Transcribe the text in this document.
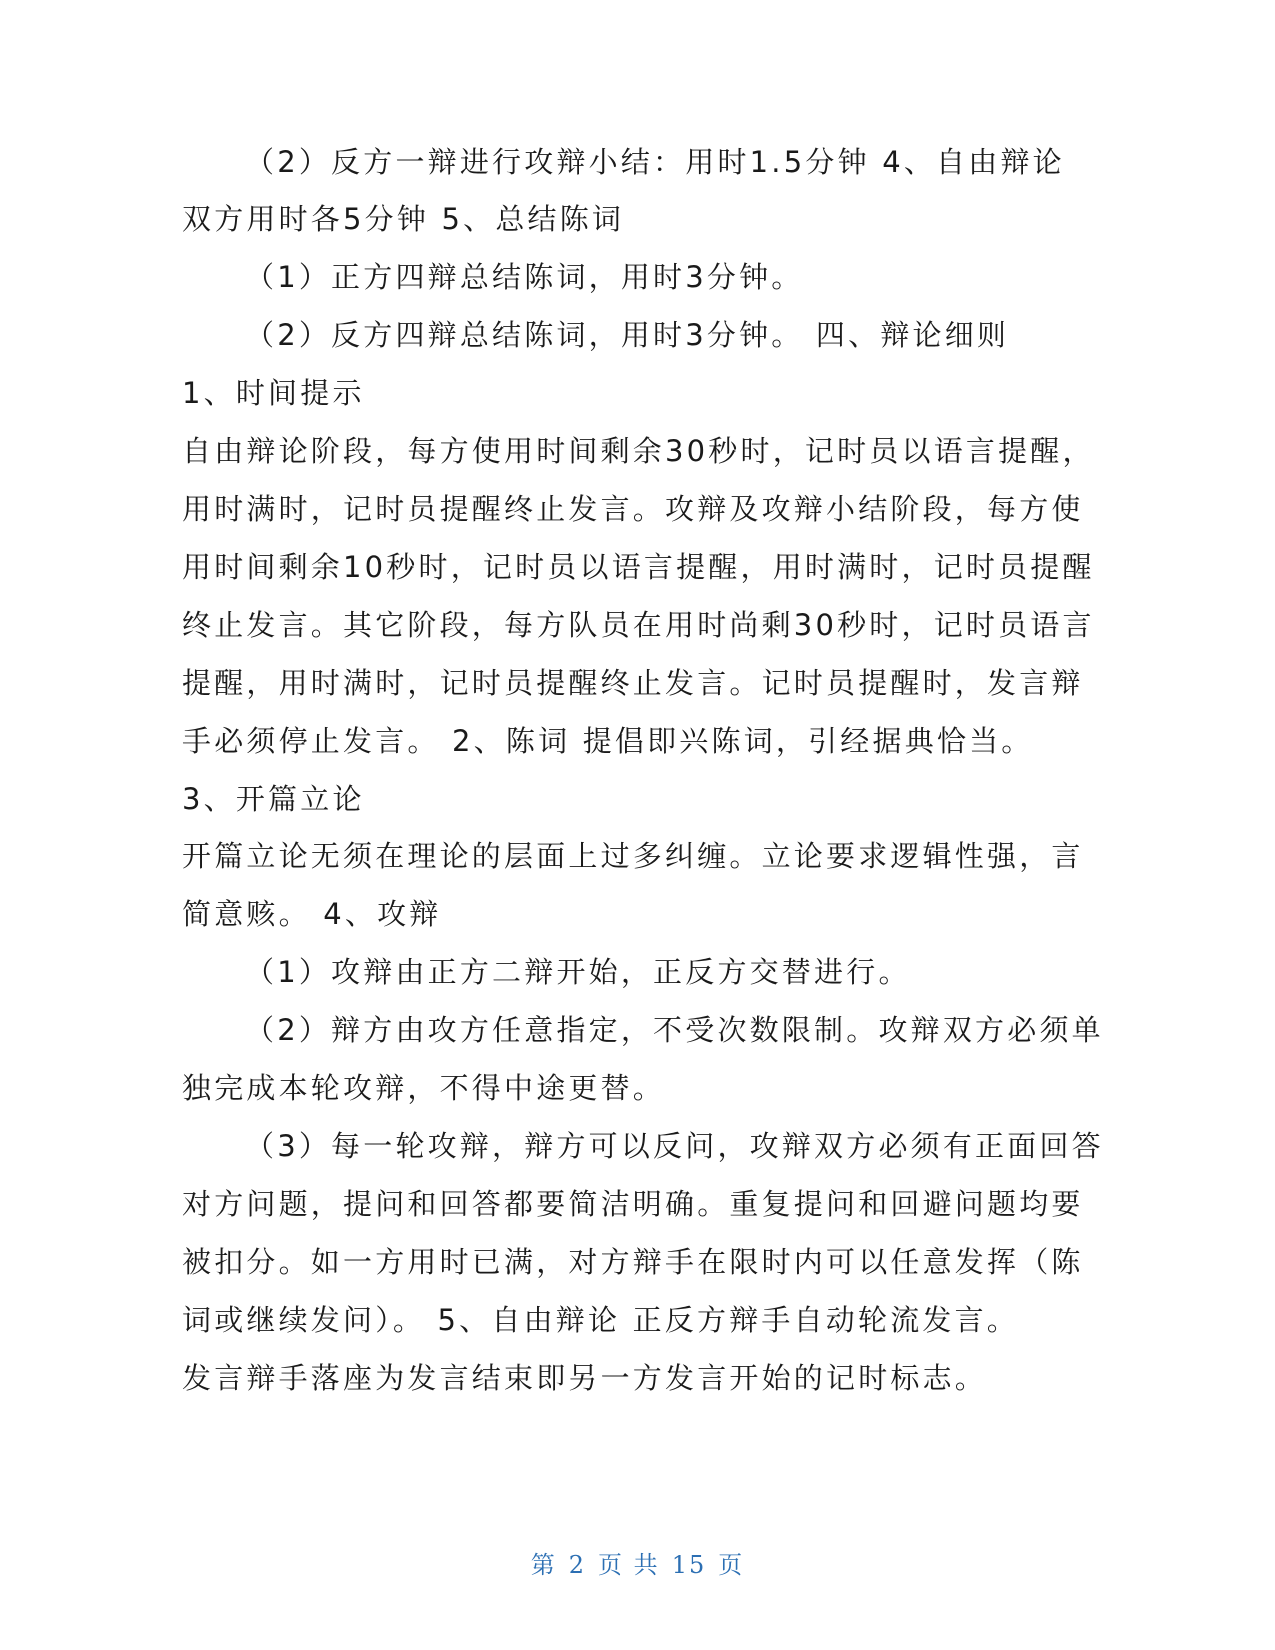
（2）反方一辩进行攻辩小结：用时1.5分钟 4、自由辩论
双方用时各5分钟 5、总结陈词
（1）正方四辩总结陈词，用时3分钟。
（2）反方四辩总结陈词，用时3分钟。 四、辩论细则
1、时间提示
自由辩论阶段，每方使用时间剩余30秒时，记时员以语言提醒，
用时满时，记时员提醒终止发言。攻辩及攻辩小结阶段，每方使
用时间剩余10秒时，记时员以语言提醒，用时满时，记时员提醒
终止发言。其它阶段，每方队员在用时尚剩30秒时，记时员语言
提醒，用时满时，记时员提醒终止发言。记时员提醒时，发言辩
手必须停止发言。 2、陈词 提倡即兴陈词，引经据典恰当。
3、开篇立论
开篇立论无须在理论的层面上过多纠缠。立论要求逻辑性强，言
简意赅。 4、攻辩
（1）攻辩由正方二辩开始，正反方交替进行。
（2）辩方由攻方任意指定，不受次数限制。攻辩双方必须单
独完成本轮攻辩，不得中途更替。
（3）每一轮攻辩，辩方可以反问，攻辩双方必须有正面回答
对方问题，提问和回答都要简洁明确。重复提问和回避问题均要
被扣分。如一方用时已满，对方辩手在限时内可以任意发挥（陈
词或继续发问）。 5、自由辩论 正反方辩手自动轮流发言。
发言辩手落座为发言结束即另一方发言开始的记时标志。
第 2 页 共 15 页
